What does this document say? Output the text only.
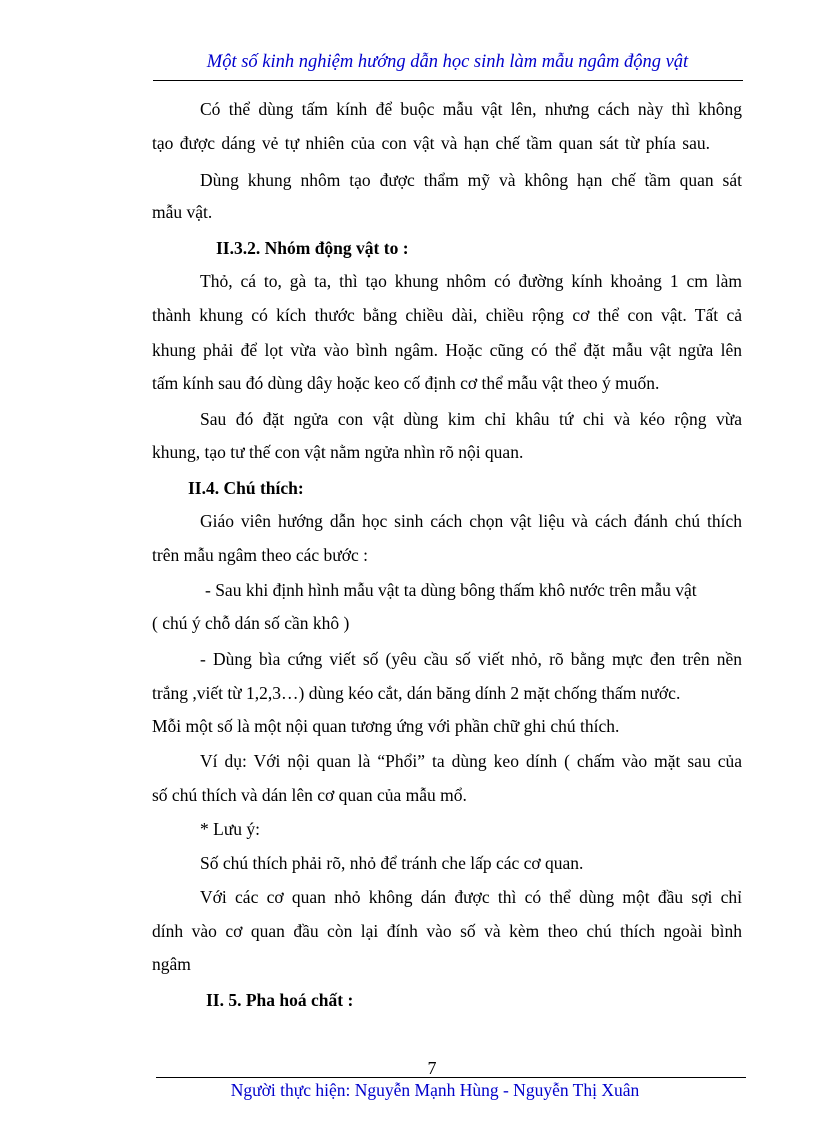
Một số kinh nghiệm hướng dẫn học sinh làm mẫu ngâm động vật
Có thể dùng tấm kính để buộc mẫu vật lên, nhưng cách này thì không
tạo được dáng vẻ tự nhiên của con vật và hạn chế tầm quan sát từ phía sau.
Dùng khung nhôm tạo được thẩm mỹ và không hạn chế tầm quan sát
mẫu vật.
II.3.2. Nhóm động vật to :
Thỏ, cá to, gà ta, thì tạo khung nhôm có đường kính khoảng 1 cm làm
thành khung có kích thước bằng chiều dài, chiều rộng cơ thể con vật. Tất cả
khung phải để lọt vừa vào bình ngâm. Hoặc cũng có thể đặt mẫu vật ngửa lên
tấm kính sau đó dùng dây hoặc keo cố định cơ thể mẫu vật theo ý muốn.
Sau đó đặt ngửa con vật dùng kim chỉ khâu tứ chi và kéo rộng vừa
khung, tạo tư thế con vật nằm ngửa nhìn rõ nội quan.
II.4. Chú thích:
Giáo viên hướng dẫn học sinh cách chọn vật liệu và cách đánh chú thích
trên mẫu ngâm theo các bước :
- Sau khi định hình mẫu vật ta dùng bông thấm khô nước trên mẫu vật
( chú ý chỗ dán số cần khô )
- Dùng bìa cứng viết số (yêu cầu số viết nhỏ, rõ bằng mực đen trên nền
trắng ,viết từ 1,2,3…) dùng kéo cắt, dán băng dính 2 mặt chống thấm nước.
Mỗi một số là một nội quan tương ứng với phần chữ ghi chú thích.
Ví dụ: Với nội quan là “Phổi” ta dùng keo dính ( chấm vào mặt sau của
số chú thích và dán lên cơ quan của mẫu mổ.
* Lưu ý:
Số chú thích phải rõ, nhỏ để tránh che lấp các cơ quan.
Với các cơ quan nhỏ không dán được thì có thể dùng một đầu sợi chỉ
dính vào cơ quan đầu còn lại đính vào số và kèm theo chú thích ngoài bình
ngâm
II. 5. Pha hoá chất :
7
Người thực hiện: Nguyễn Mạnh Hùng - Nguyễn Thị Xuân
